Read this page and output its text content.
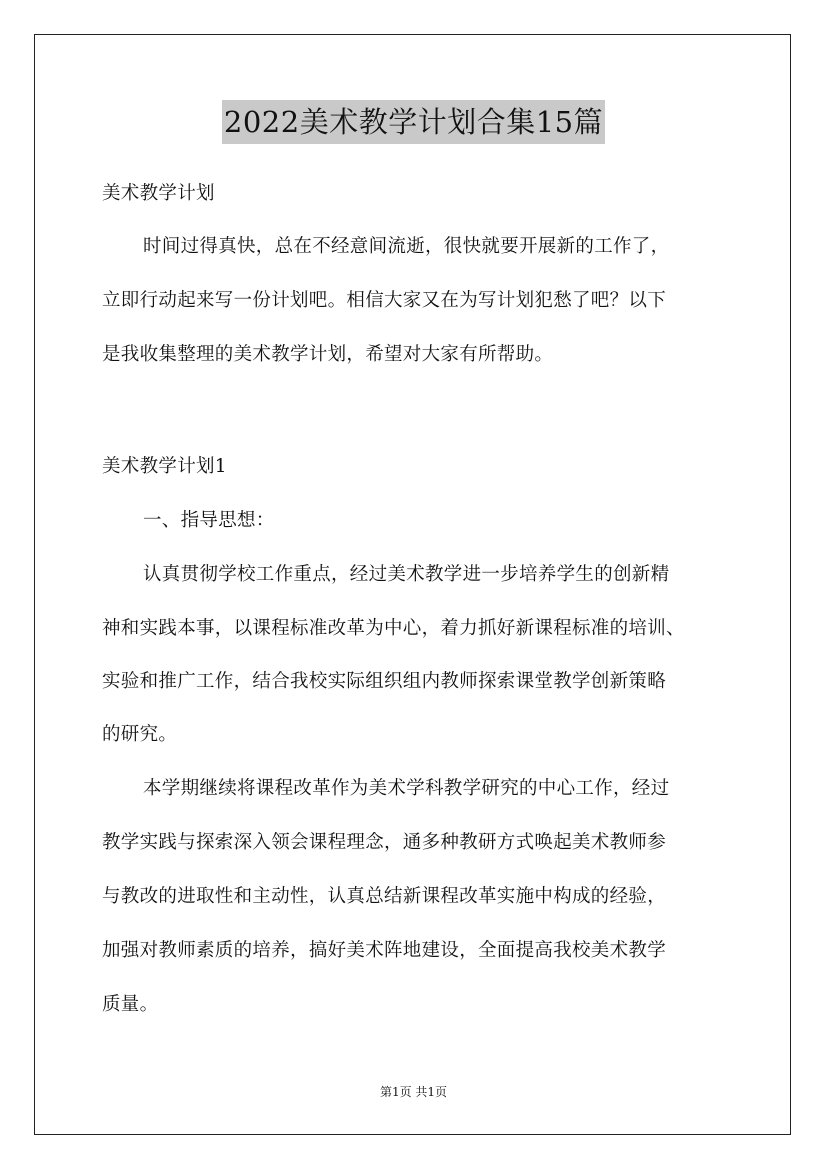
2022美术教学计划合集15篇
美术教学计划
时间过得真快，总在不经意间流逝，很快就要开展新的工作了，
立即行动起来写一份计划吧。相信大家又在为写计划犯愁了吧？以下
是我收集整理的美术教学计划，希望对大家有所帮助。
美术教学计划1
一、指导思想：
认真贯彻学校工作重点，经过美术教学进一步培养学生的创新精
神和实践本事，以课程标准改革为中心，着力抓好新课程标准的培训、
实验和推广工作，结合我校实际组织组内教师探索课堂教学创新策略
的研究。
本学期继续将课程改革作为美术学科教学研究的中心工作，经过
教学实践与探索深入领会课程理念，通多种教研方式唤起美术教师参
与教改的进取性和主动性，认真总结新课程改革实施中构成的经验，
加强对教师素质的培养，搞好美术阵地建设，全面提高我校美术教学
质量。
第1页 共1页
